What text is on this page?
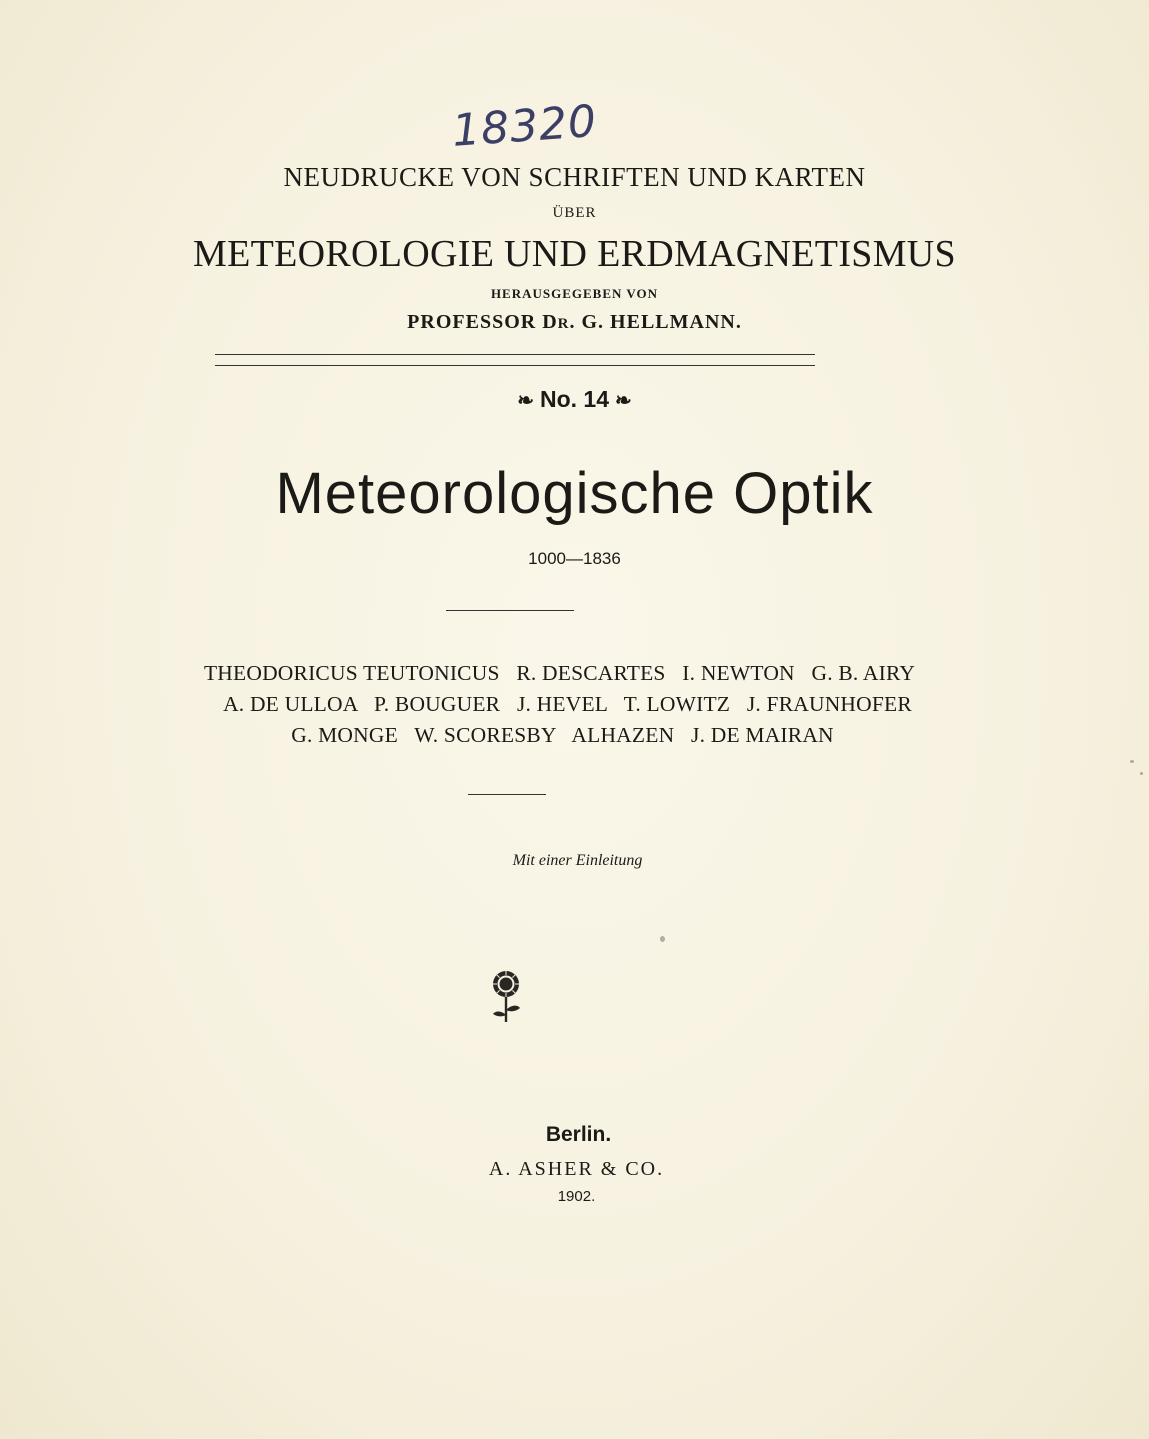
18320
NEUDRUCKE VON SCHRIFTEN UND KARTEN
ÜBER
METEOROLOGIE UND ERDMAGNETISMUS
HERAUSGEGEBEN VON
PROFESSOR DR. G. HELLMANN.
❧ No. 14 ❧
Meteorologische Optik
1000—1836
THEODORICUS TEUTONICUS   R. DESCARTES   I. NEWTON   G. B. AIRY
A. DE ULLOA   P. BOUGUER   J. HEVEL   T. LOWITZ   J. FRAUNHOFER
G. MONGE   W. SCORESBY   ALHAZEN   J. DE MAIRAN
Mit einer Einleitung
Berlin.
A. ASHER & CO.
1902.
